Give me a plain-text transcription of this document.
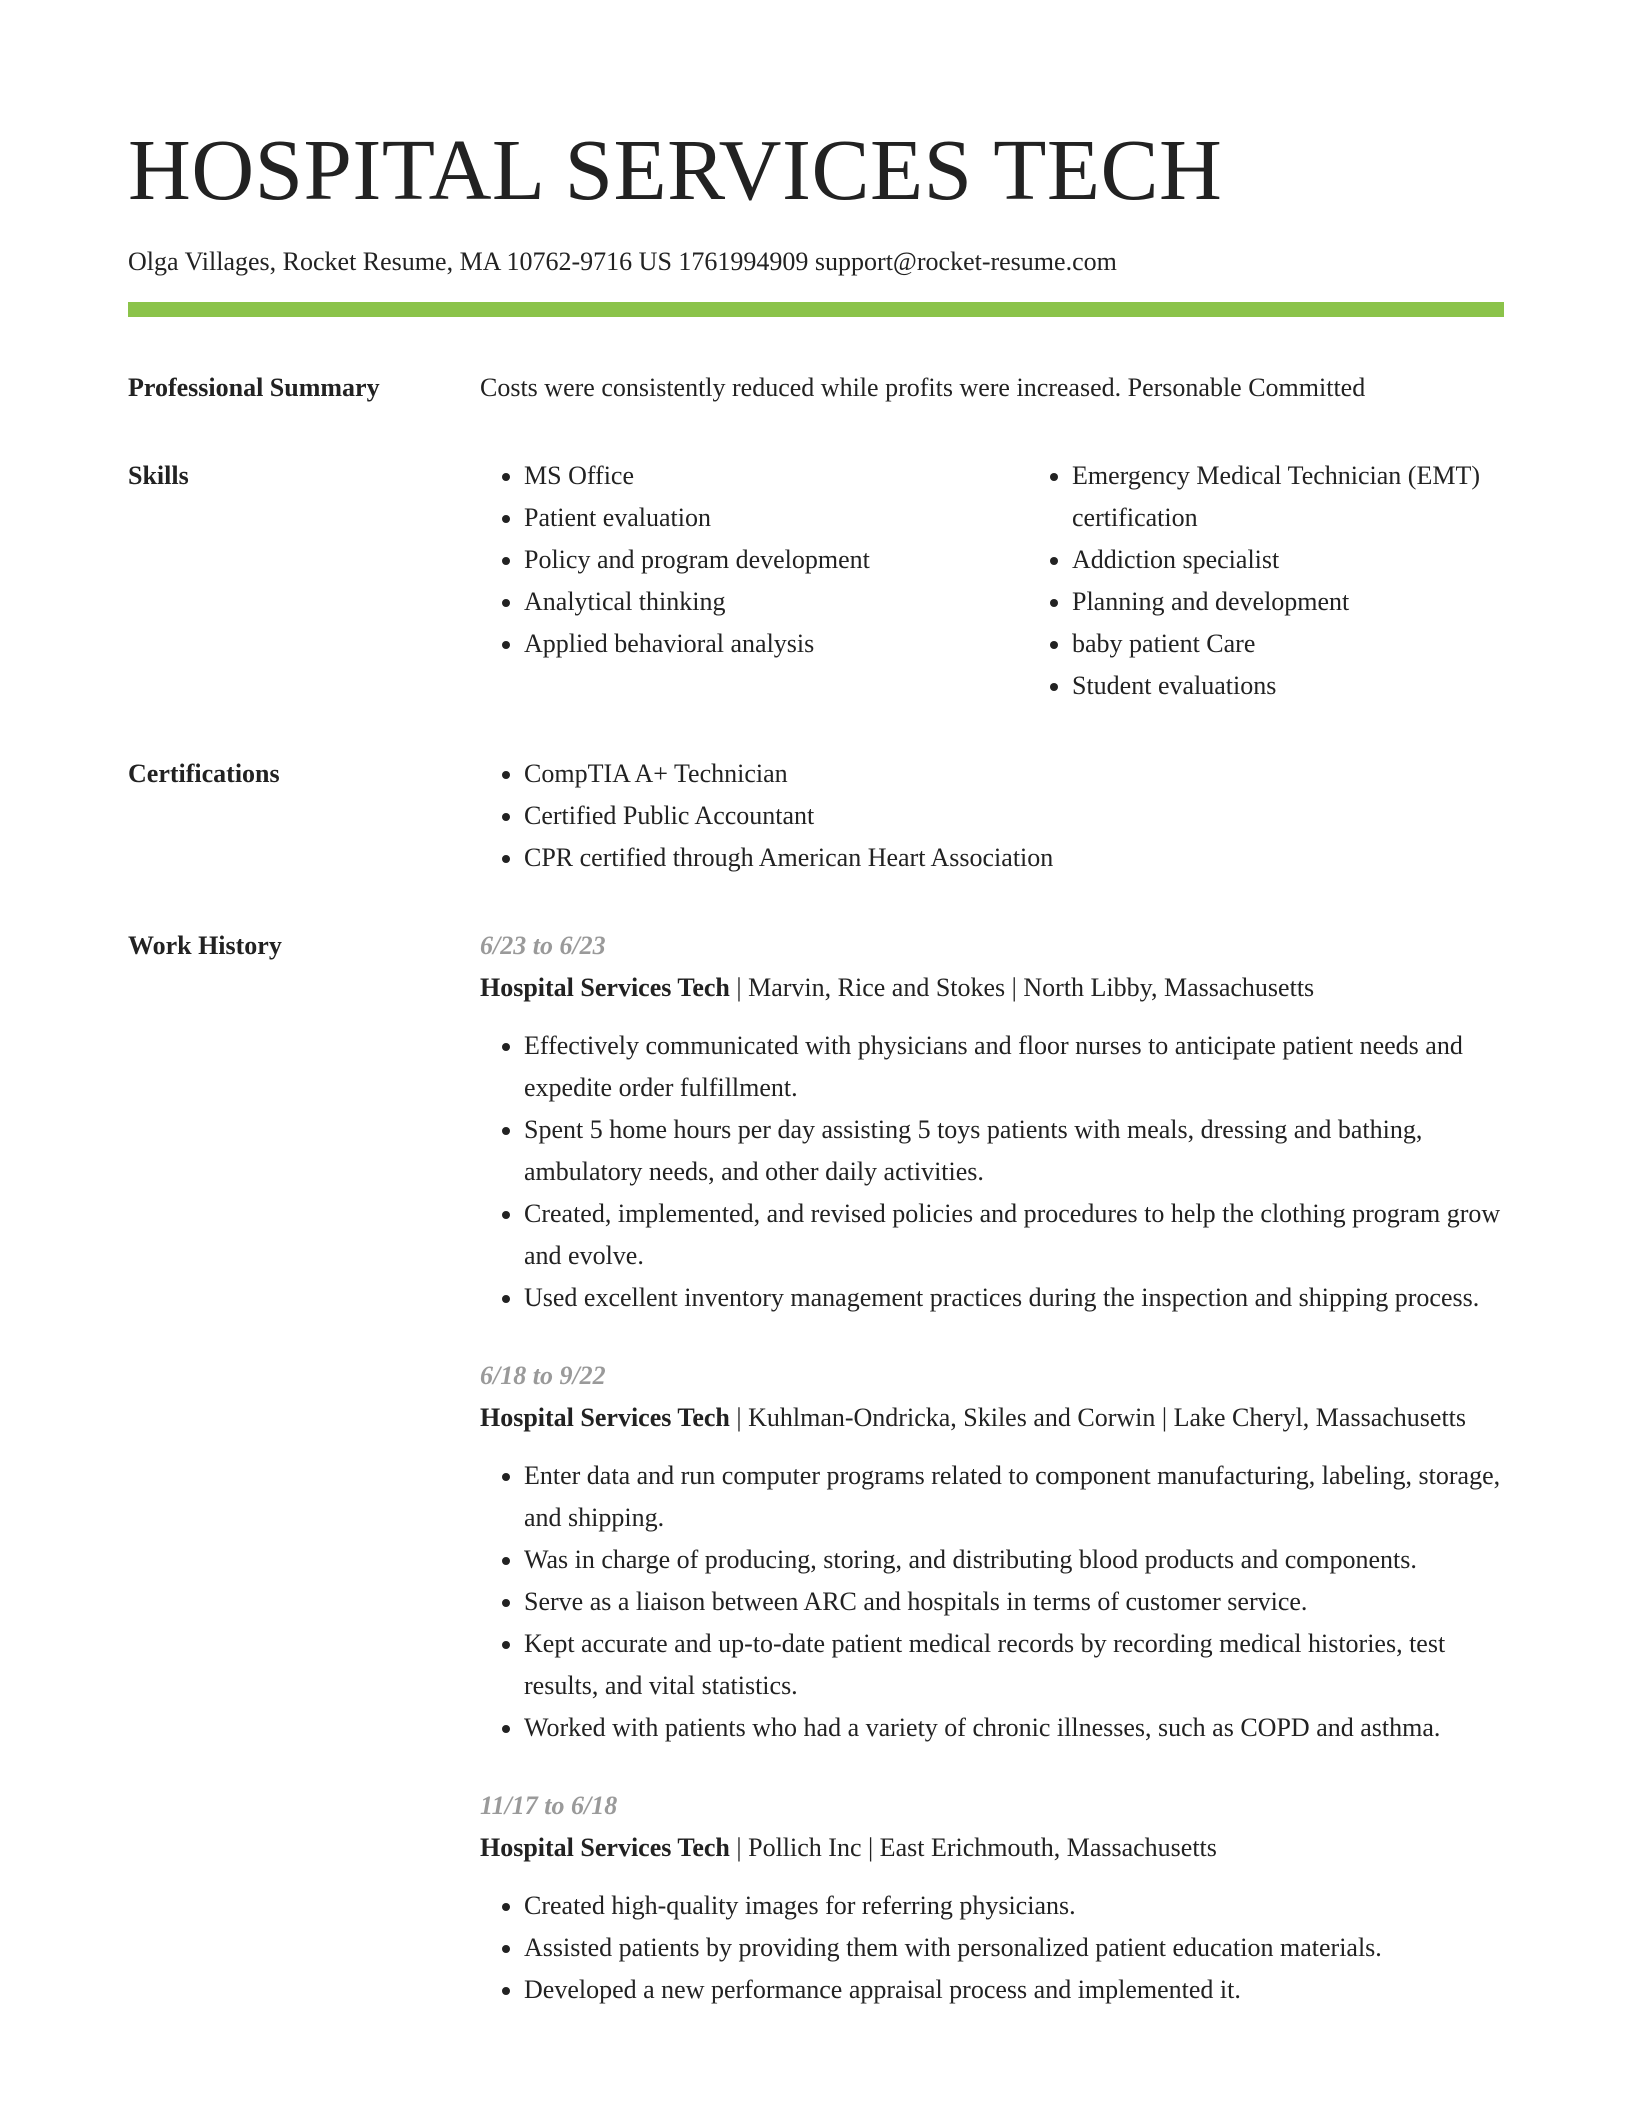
HOSPITAL SERVICES TECH
Olga Villages, Rocket Resume, MA 10762-9716 US 1761994909 support@rocket-resume.com
Professional Summary	Costs were consistently reduced while profits were increased. Personable Committed
Skills	• MS Office
• Patient evaluation
• Policy and program development
• Analytical thinking
• Applied behavioral analysis
• Emergency Medical Technician (EMT) certification
• Addiction specialist
• Planning and development
• baby patient Care
• Student evaluations
Certifications	• CompTIA A+ Technician
• Certified Public Accountant
• CPR certified through American Heart Association
Work History	6/23 to 6/23
Hospital Services Tech | Marvin, Rice and Stokes | North Libby, Massachusetts
• Effectively communicated with physicians and floor nurses to anticipate patient needs and expedite order fulfillment.
• Spent 5 home hours per day assisting 5 toys patients with meals, dressing and bathing, ambulatory needs, and other daily activities.
• Created, implemented, and revised policies and procedures to help the clothing program grow and evolve.
• Used excellent inventory management practices during the inspection and shipping process.
6/18 to 9/22
Hospital Services Tech | Kuhlman-Ondricka, Skiles and Corwin | Lake Cheryl, Massachusetts
• Enter data and run computer programs related to component manufacturing, labeling, storage, and shipping.
• Was in charge of producing, storing, and distributing blood products and components.
• Serve as a liaison between ARC and hospitals in terms of customer service.
• Kept accurate and up-to-date patient medical records by recording medical histories, test results, and vital statistics.
• Worked with patients who had a variety of chronic illnesses, such as COPD and asthma.
11/17 to 6/18
Hospital Services Tech | Pollich Inc | East Erichmouth, Massachusetts
• Created high-quality images for referring physicians.
• Assisted patients by providing them with personalized patient education materials.
• Developed a new performance appraisal process and implemented it.
